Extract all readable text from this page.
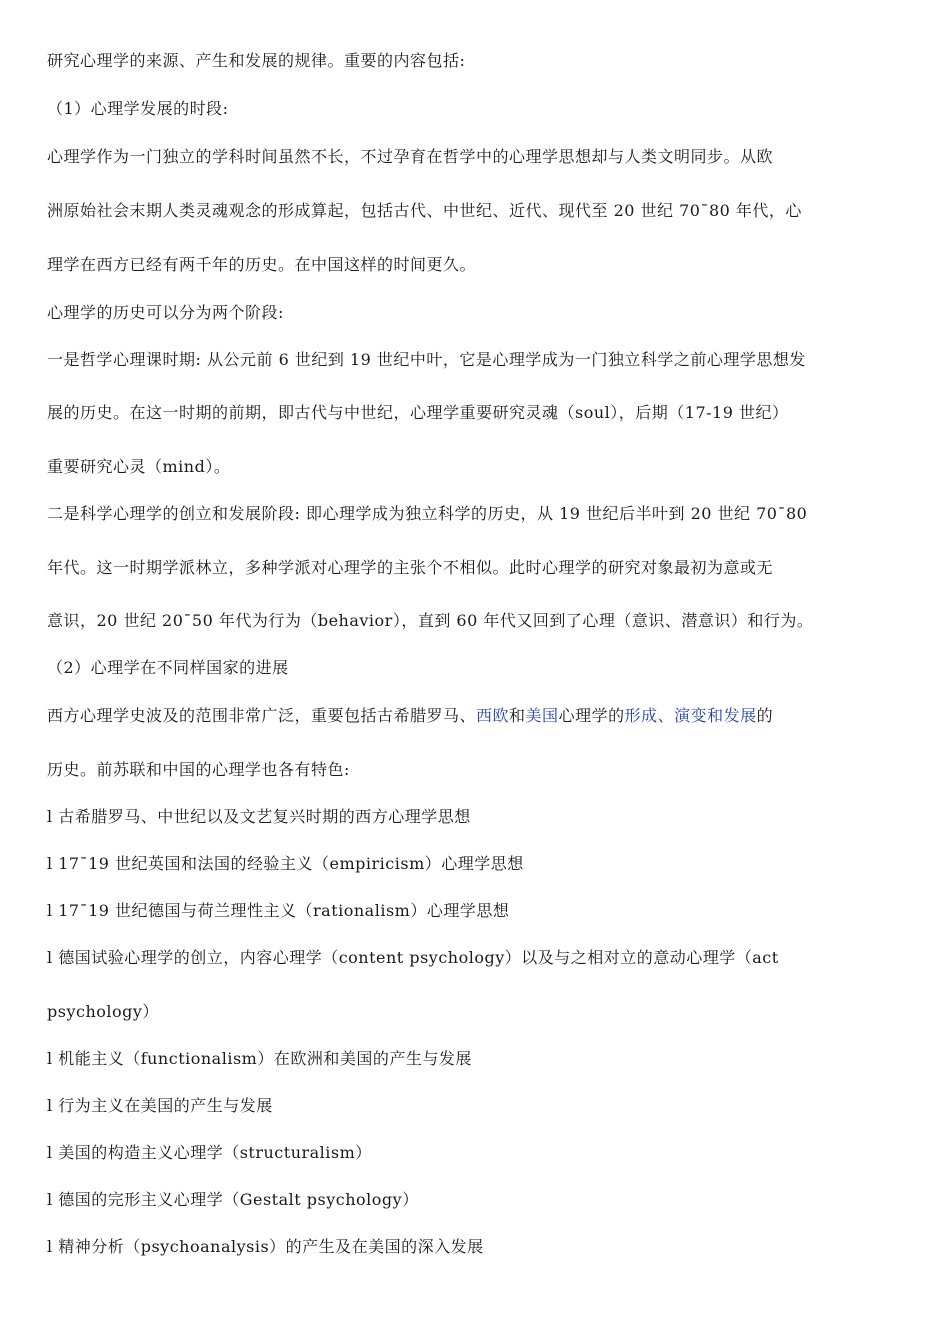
研究心理学的来源、产生和发展的规律。重要的内容包括:
（1）心理学发展的时段:
心理学作为一门独立的学科时间虽然不长，不过孕育在哲学中的心理学思想却与人类文明同步。从欧
洲原始社会末期人类灵魂观念的形成算起，包括古代、中世纪、近代、现代至 20 世纪 70¯80 年代，心
理学在西方已经有两千年的历史。在中国这样的时间更久。
心理学的历史可以分为两个阶段:
一是哲学心理课时期: 从公元前 6 世纪到 19 世纪中叶，它是心理学成为一门独立科学之前心理学思想发
展的历史。在这一时期的前期，即古代与中世纪，心理学重要研究灵魂（soul），后期（17-19 世纪）
重要研究心灵（mind）。
二是科学心理学的创立和发展阶段: 即心理学成为独立科学的历史，从 19 世纪后半叶到 20 世纪 70¯80
年代。这一时期学派林立，多种学派对心理学的主张个不相似。此时心理学的研究对象最初为意或无
意识，20 世纪 20¯50 年代为行为（behavior），直到 60 年代又回到了心理（意识、潜意识）和行为。
（2）心理学在不同样国家的进展
西方心理学史波及的范围非常广泛，重要包括古希腊罗马、西欧和美国心理学的形成、演变和发展的
历史。前苏联和中国的心理学也各有特色:
l 古希腊罗马、中世纪以及文艺复兴时期的西方心理学思想
l 17¯19 世纪英国和法国的经验主义（empiricism）心理学思想
l 17¯19 世纪德国与荷兰理性主义（rationalism）心理学思想
l 德国试验心理学的创立，内容心理学（content psychology）以及与之相对立的意动心理学（act
psychology）
l 机能主义（functionalism）在欧洲和美国的产生与发展
l 行为主义在美国的产生与发展
l 美国的构造主义心理学（structuralism）
l 德国的完形主义心理学（Gestalt psychology）
l 精神分析（psychoanalysis）的产生及在美国的深入发展
